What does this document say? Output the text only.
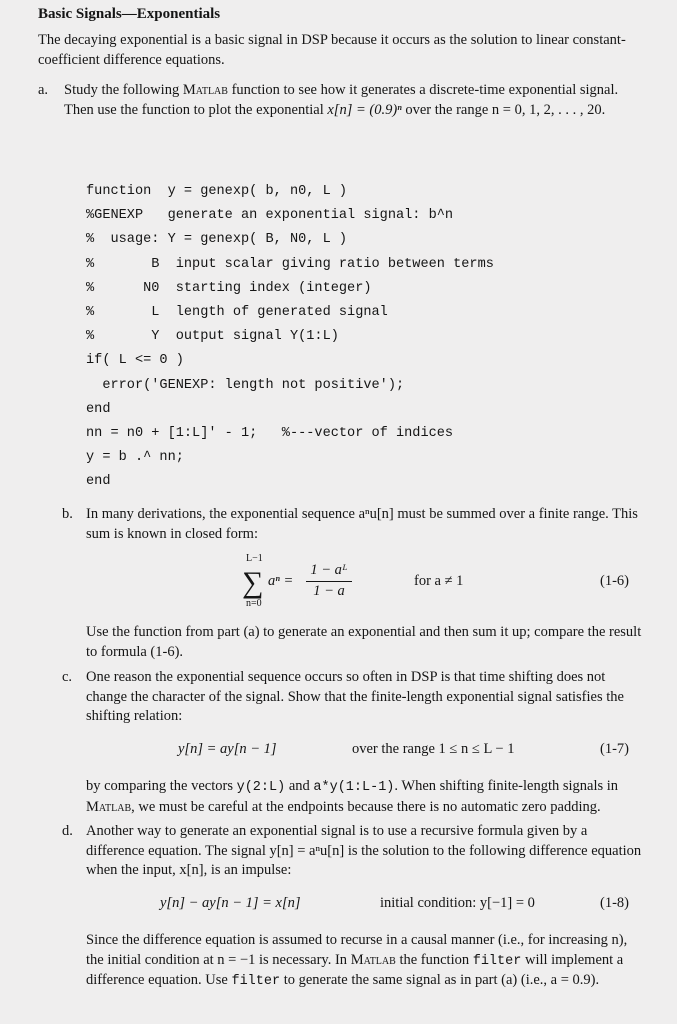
Basic Signals—Exponentials
The decaying exponential is a basic signal in DSP because it occurs as the solution to linear constant-coefficient difference equations.
a. Study the following Matlab function to see how it generates a discrete-time exponential signal. Then use the function to plot the exponential x[n] = (0.9)ⁿ over the range n = 0, 1, 2, . . . , 20.
function  y = genexp( b, n0, L )
%GENEXP   generate an exponential signal: b^n
%  usage: Y = genexp( B, N0, L )
%       B  input scalar giving ratio between terms
%      N0  starting index (integer)
%       L  length of generated signal
%       Y  output signal Y(1:L)
if( L <= 0 )
error('GENEXP: length not positive');
end
nn = n0 + [1:L]' - 1;   %---vector of indices
y = b .^ nn;
end
b. In many derivations, the exponential sequence aⁿu[n] must be summed over a finite range. This sum is known in closed form:
L−1
∑
n=0
aⁿ =
1 − aᴸ
1 − a
for a ≠ 1	(1-6)
Use the function from part (a) to generate an exponential and then sum it up; compare the result to formula (1-6).
c. One reason the exponential sequence occurs so often in DSP is that time shifting does not change the character of the signal. Show that the finite-length exponential signal satisfies the shifting relation:
y[n] = ay[n − 1]	over the range 1 ≤ n ≤ L − 1	(1-7)
by comparing the vectors y(2:L) and a*y(1:L-1). When shifting finite-length signals in Matlab, we must be careful at the endpoints because there is no automatic zero padding.
d. Another way to generate an exponential signal is to use a recursive formula given by a difference equation. The signal y[n] = aⁿu[n] is the solution to the following difference equation when the input, x[n], is an impulse:
y[n] − ay[n − 1] = x[n]	initial condition: y[−1] = 0	(1-8)
Since the difference equation is assumed to recurse in a causal manner (i.e., for increasing n), the initial condition at n = −1 is necessary. In Matlab the function filter will implement a difference equation. Use filter to generate the same signal as in part (a) (i.e., a = 0.9).
